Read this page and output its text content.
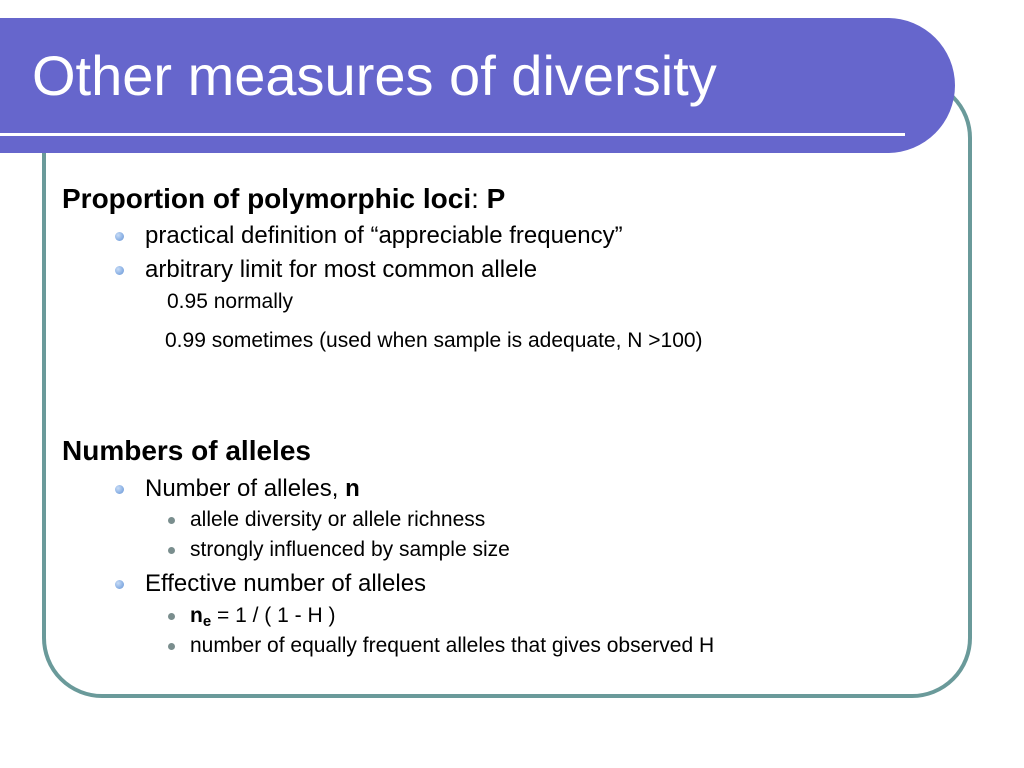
Other measures of diversity
Proportion of polymorphic loci: P
practical definition of “appreciable frequency”
arbitrary limit for most common allele
0.95 normally
0.99 sometimes (used when sample is adequate, N >100)
Numbers of alleles
Number of alleles, n
allele diversity or allele richness
strongly influenced by sample size
Effective number of alleles
$n_e = 1$ / ( 1 - H )
number of equally frequent alleles that gives observed H
